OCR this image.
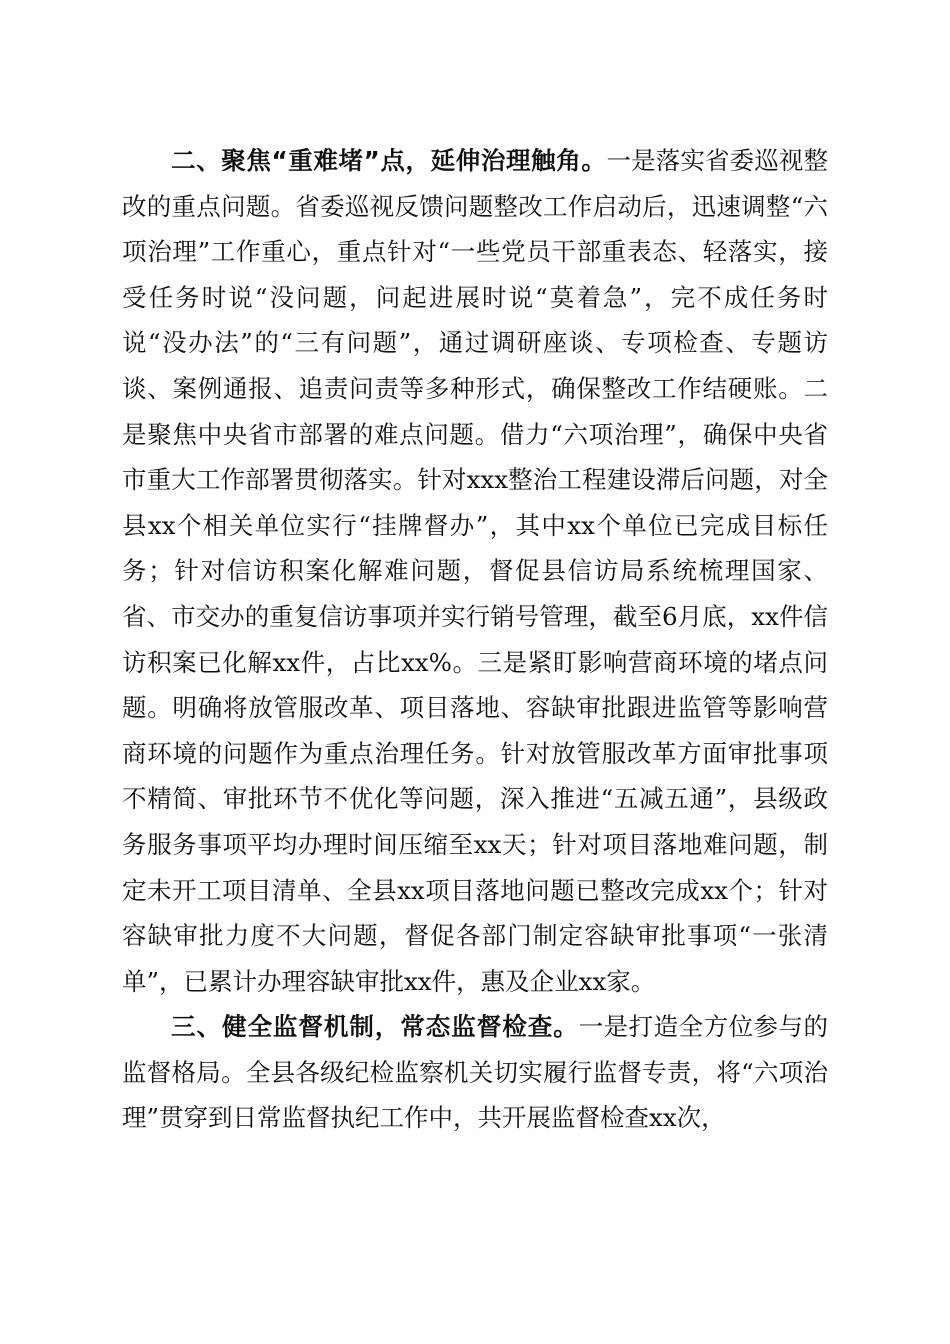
二、聚焦“重难堵”点，延伸治理触角。一是落实省委巡视整改的重点问题。省委巡视反馈问题整改工作启动后，迅速调整“六项治理”工作重心，重点针对“一些党员干部重表态、轻落实，接受任务时说“没问题，问起进展时说“莫着急”，完不成任务时说“没办法”的“三有问题”，通过调研座谈、专项检查、专题访谈、案例通报、追责问责等多种形式，确保整改工作结硬账。二是聚焦中央省市部署的难点问题。借力“六项治理”，确保中央省市重大工作部署贯彻落实。针对xxx整治工程建设滞后问题，对全县xx个相关单位实行“挂牌督办”，其中xx个单位已完成目标任务；针对信访积案化解难问题，督促县信访局系统梳理国家、省、市交办的重复信访事项并实行销号管理，截至6月底，xx件信访积案已化解xx件，占比xx%。三是紧盯影响营商环境的堵点问题。明确将放管服改革、项目落地、容缺审批跟进监管等影响营商环境的问题作为重点治理任务。针对放管服改革方面审批事项不精简、审批环节不优化等问题，深入推进“五减五通”，县级政务服务事项平均办理时间压缩至xx天；针对项目落地难问题，制定未开工项目清单、全县xx项目落地问题已整改完成xx个；针对容缺审批力度不大问题，督促各部门制定容缺审批事项“一张清单”，已累计办理容缺审批xx件，惠及企业xx家。

三、健全监督机制，常态监督检查。一是打造全方位参与的监督格局。全县各级纪检监察机关切实履行监督专责，将“六项治理”贯穿到日常监督执纪工作中，共开展监督检查xx次，
